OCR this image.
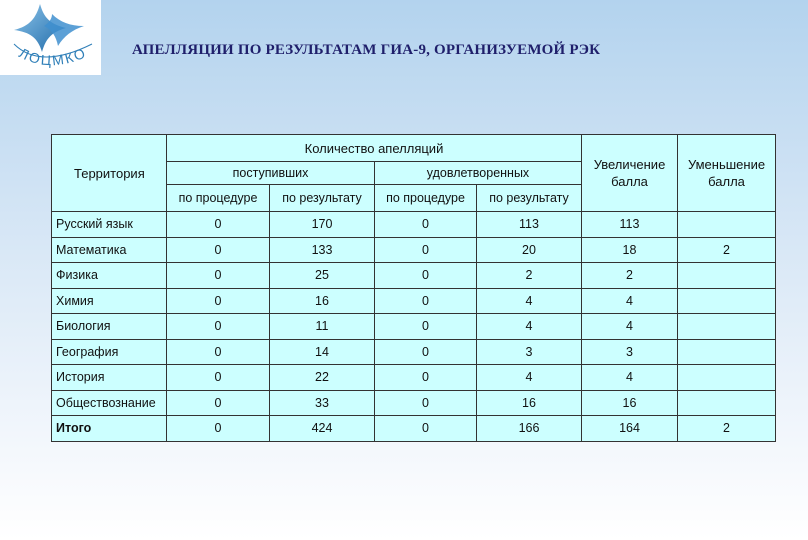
ЛОЦМКО	АПЕЛЛЯЦИИ ПО РЕЗУЛЬТАТАМ ГИА-9, ОРГАНИЗУЕМОЙ РЭК
Территория	Количество апелляций				Увеличение балла	Уменьшение балла
	поступивших		удовлетворенных			
	по процедуре	по результату	по процедуре	по результату		
Русский язык	0	170	0	113	113	
Математика	0	133	0	20	18	2
Физика	0	25	0	2	2	
Химия	0	16	0	4	4	
Биология	0	11	0	4	4	
География	0	14	0	3	3	
История	0	22	0	4	4	
Обществознание	0	33	0	16	16	
Итого	0	424	0	166	164	2
